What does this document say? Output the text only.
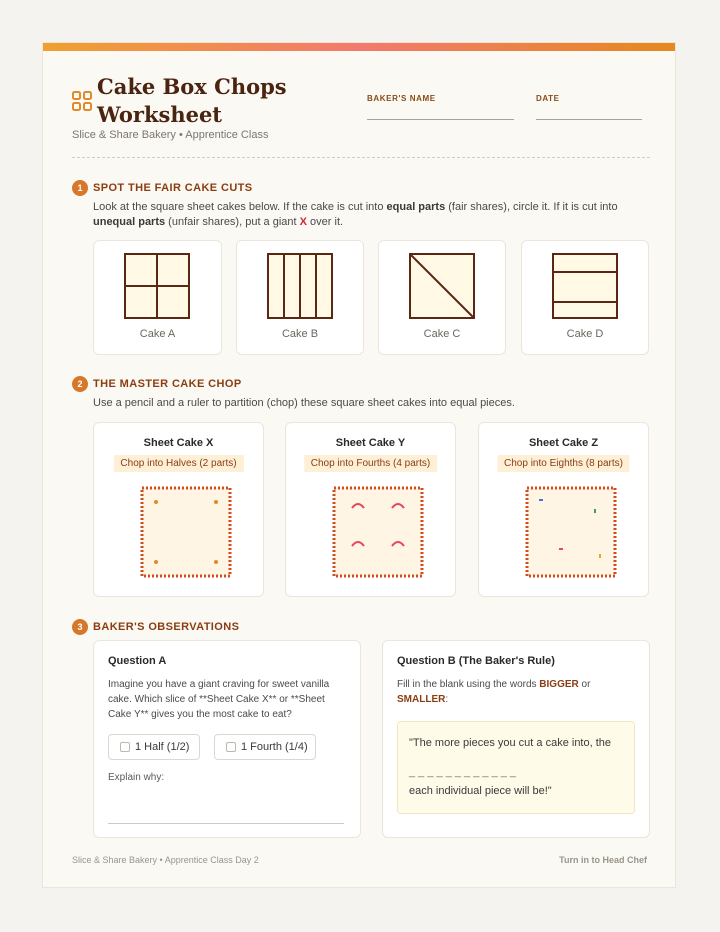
Cake Box Chops Worksheet
Slice & Share Bakery • Apprentice Class
BAKER'S NAME	DATE
1 SPOT THE FAIR CAKE CUTS
Look at the square sheet cakes below. If the cake is cut into equal parts (fair shares), circle it. If it is cut into unequal parts (unfair shares), put a giant X over it.
Cake A	Cake B	Cake C	Cake D
2 THE MASTER CAKE CHOP
Use a pencil and a ruler to partition (chop) these square sheet cakes into equal pieces.
Sheet Cake X
Chop into Halves (2 parts)
Sheet Cake Y
Chop into Fourths (4 parts)
Sheet Cake Z
Chop into Eighths (8 parts)
3 BAKER'S OBSERVATIONS
Question A
Imagine you have a giant craving for sweet vanilla cake. Which slice of **Sheet Cake X** or **Sheet Cake Y** gives you the most cake to eat?
1 Half (1/2)	1 Fourth (1/4)
Explain why:
Question B (The Baker's Rule)
Fill in the blank using the words BIGGER or SMALLER:
"The more pieces you cut a cake into, the
_ _ _ _ _ _ _ _ _ _ _ _
each individual piece will be!"
Slice & Share Bakery • Apprentice Class Day 2	Turn in to Head Chef
